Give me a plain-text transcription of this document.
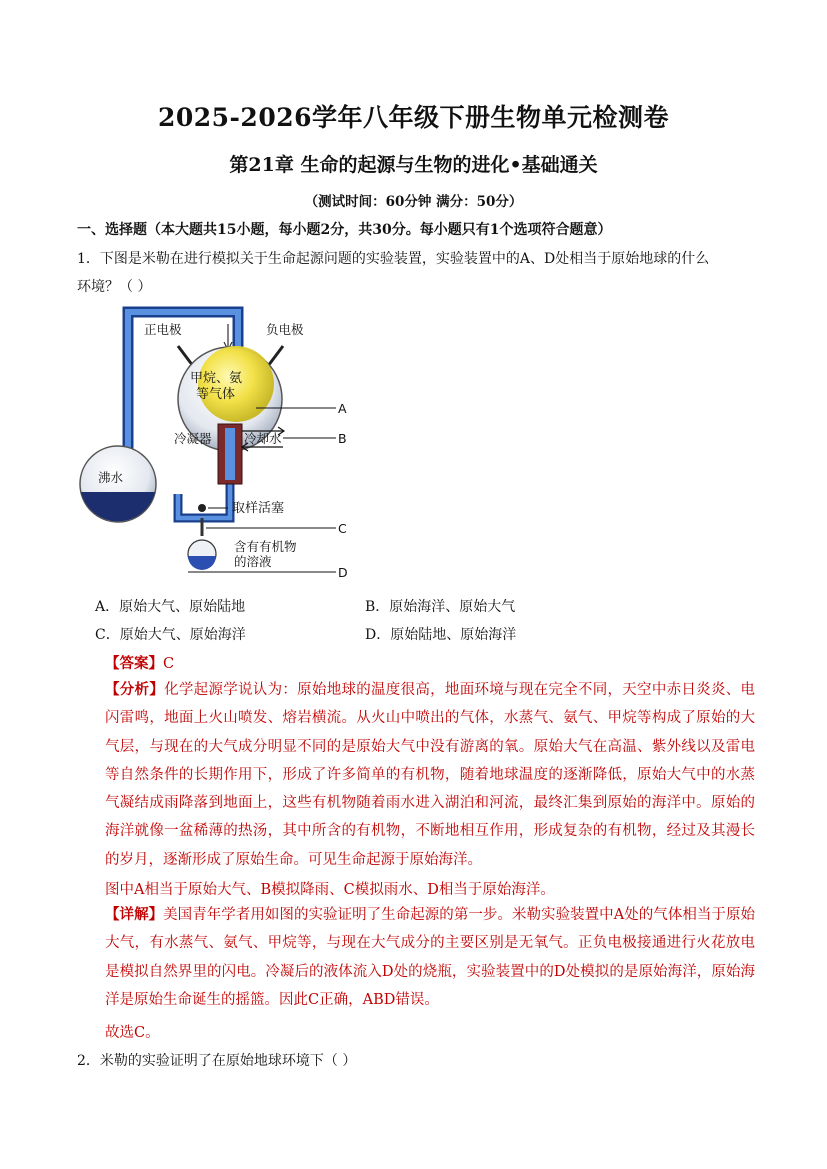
2025-2026学年八年级下册生物单元检测卷
第21章 生命的起源与生物的进化•基础通关
（测试时间：60分钟 满分：50分）
一、选择题（本大题共15小题，每小题2分，共30分。每小题只有1个选项符合题意）
1．下图是米勒在进行模拟关于生命起源问题的实验装置，实验装置中的A、D处相当于原始地球的什么
环境？（ ）
正电极	负电极
甲烷、氨
等气体
冷凝器	冷却水
沸水
取样活塞
含有有机物
的溶液
A
B
C
D
A．原始大气、原始陆地	B．原始海洋、原始大气
C．原始大气、原始海洋	D．原始陆地、原始海洋
【答案】C
【分析】化学起源学说认为：原始地球的温度很高，地面环境与现在完全不同，天空中赤日炎炎、电闪雷鸣，地面上火山喷发、熔岩横流。从火山中喷出的气体，水蒸气、氨气、甲烷等构成了原始的大气层，与现在的大气成分明显不同的是原始大气中没有游离的氧。原始大气在高温、紫外线以及雷电等自然条件的长期作用下，形成了许多简单的有机物，随着地球温度的逐渐降低，原始大气中的水蒸气凝结成雨降落到地面上，这些有机物随着雨水进入湖泊和河流，最终汇集到原始的海洋中。原始的海洋就像一盆稀薄的热汤，其中所含的有机物，不断地相互作用，形成复杂的有机物，经过及其漫长的岁月，逐渐形成了原始生命。可见生命起源于原始海洋。
图中A相当于原始大气、B模拟降雨、C模拟雨水、D相当于原始海洋。
【详解】美国青年学者用如图的实验证明了生命起源的第一步。米勒实验装置中A处的气体相当于原始大气，有水蒸气、氨气、甲烷等，与现在大气成分的主要区别是无氧气。正负电极接通进行火花放电是模拟自然界里的闪电。冷凝后的液体流入D处的烧瓶，实验装置中的D处模拟的是原始海洋，原始海洋是原始生命诞生的摇篮。因此C正确，ABD错误。
故选C。
2．米勒的实验证明了在原始地球环境下（ ）
